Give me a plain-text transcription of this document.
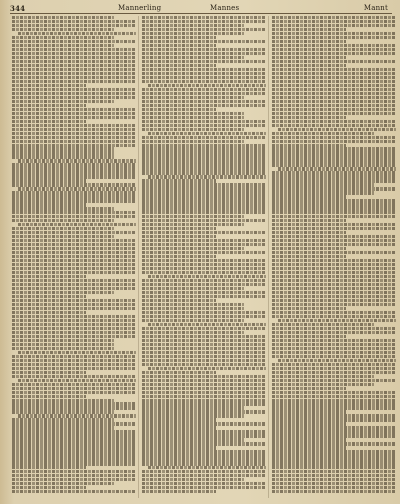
344	Mannerling	Mannes	Mannt
